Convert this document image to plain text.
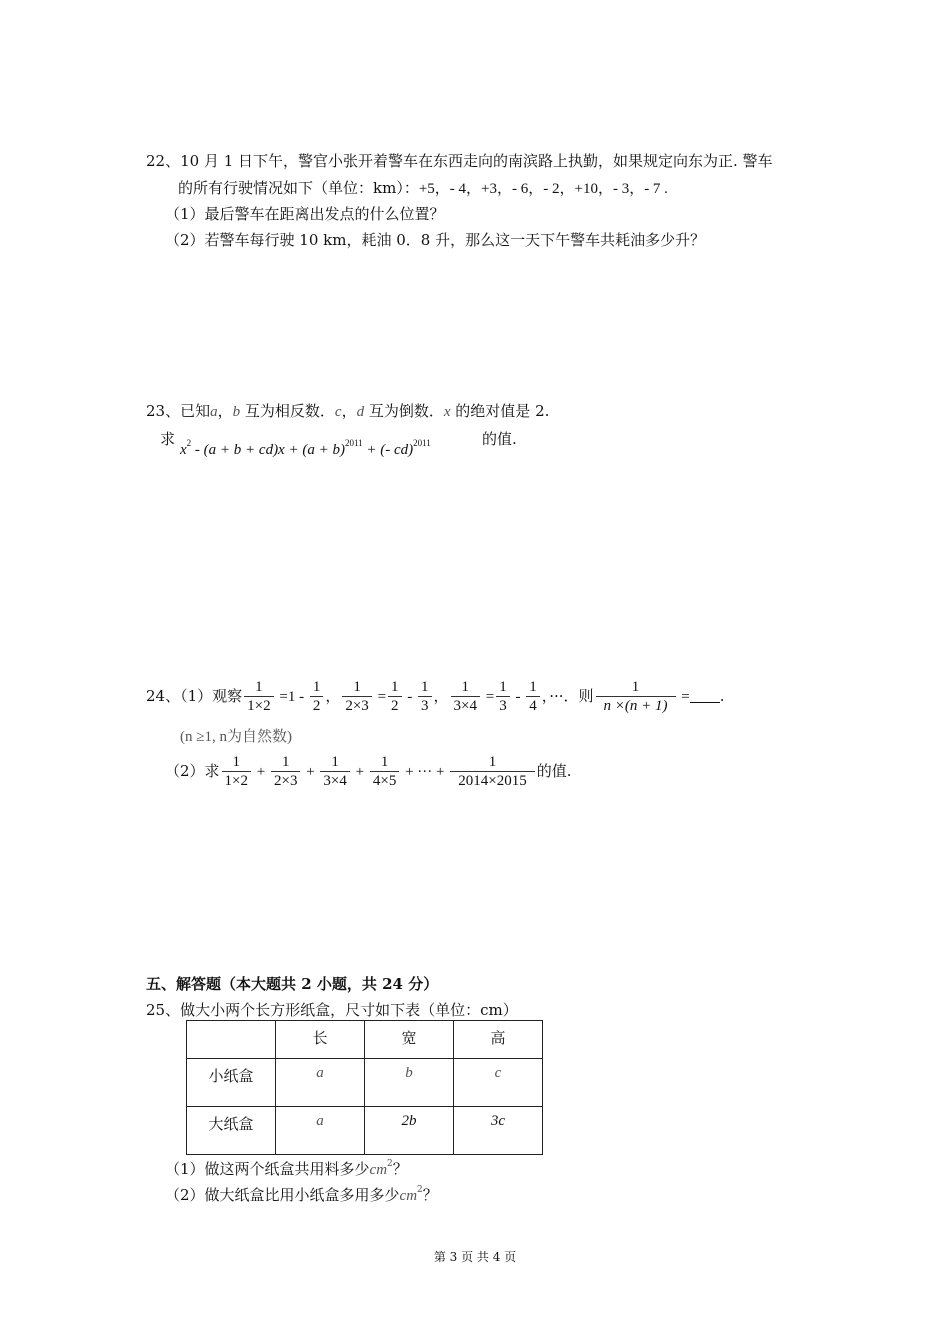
22、10 月 1 日下午，警官小张开着警车在东西走向的南滨路上执勤，如果规定向东为正. 警车
的所有行驶情况如下（单位：km）：+5，- 4，+3，- 6，- 2，+10，- 3，- 7 .
（1）最后警车在距离出发点的什么位置？
（2）若警车每行驶 10 km，耗油 0．8 升，那么这一天下午警车共耗油多少升？
23、已知a，b 互为相反数．c，d 互为倒数．x 的绝对值是 2.
求
$x^2 - (a + b + cd)x + (a + b)^{2011}$ + (- cd)$^{2011}$	的值.
24、（1）观察 $\frac{1}{1\times 2} =1 - \frac{1}{2}$ ， $\frac{1}{2\times 3} = \frac{1}{2} - \frac{1}{3}$ ， $\frac{1}{3\times 4} = \frac{1}{3} - \frac{1}{4}$ ，···．则 $\frac{1}{n \times(n + 1)}$ = .
(n ≥1, n为自然数)
（2）求 $\frac{1}{1\times 2} + \frac{1}{2\times 3} + \frac{1}{3\times 4} + \frac{1}{4\times 5}$ + ··· + $\frac{1}{2014\times 2015}$ 的值.
五、解答题（本大题共 2 小题，共 24 分）
25、做大小两个长方形纸盒，尺寸如下表（单位：cm）
	长	宽	高
小纸盒	a	b	c
大纸盒	a	2b	3c
（1）做这两个纸盒共用料多少$cm^2$？
（2）做大纸盒比用小纸盒多用多少$cm^2$？
第 3 页 共 4 页
